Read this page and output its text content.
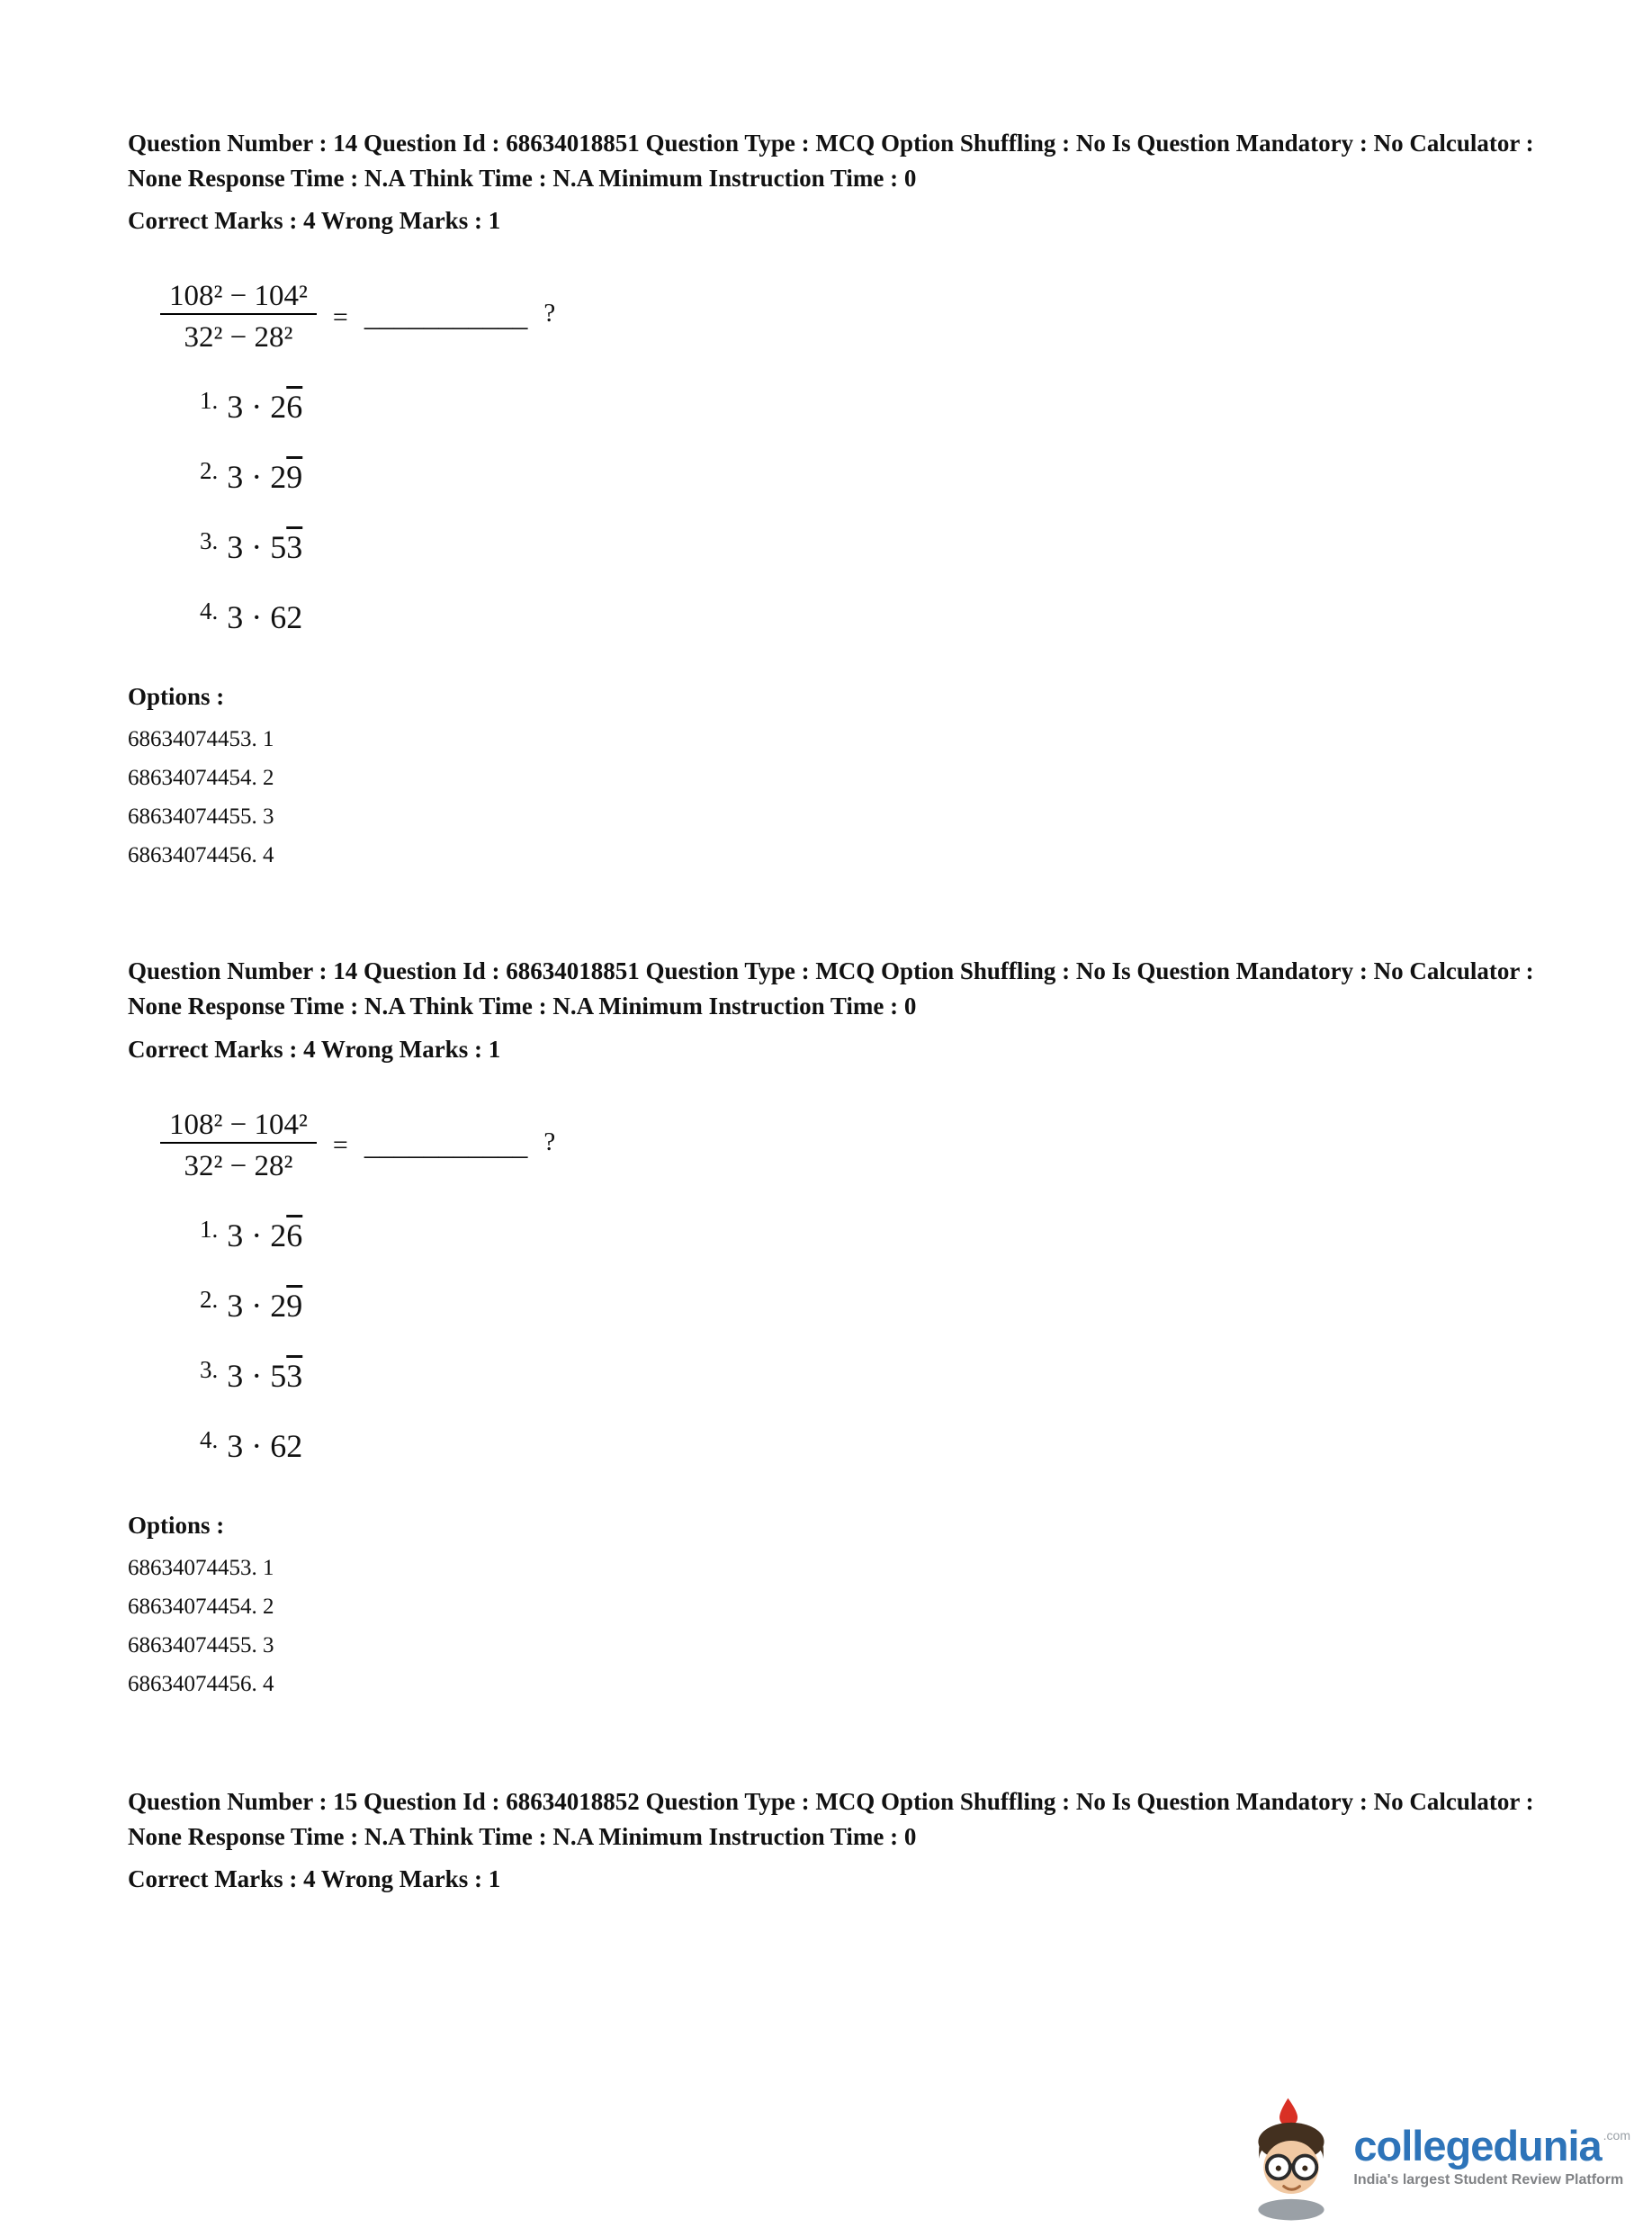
Question Number : 14 Question Id : 68634018851 Question Type : MCQ Option Shuffling : No Is Question Mandatory : No Calculator : None Response Time : N.A Think Time : N.A Minimum Instruction Time : 0
Correct Marks : 4 Wrong Marks : 1
$\frac{\text{108² − 104²}}{\text{32² − 28²}}$ = ___________ ?
$^{1.}$ 3 · 26
$^{2.}$ 3 · 29
$^{3.}$ 3 · 53
$^{4.}$ 3 · 62
Options :
68634074453. 1
68634074454. 2
68634074455. 3
68634074456. 4
Question Number : 14 Question Id : 68634018851 Question Type : MCQ Option Shuffling : No Is Question Mandatory : No Calculator : None Response Time : N.A Think Time : N.A Minimum Instruction Time : 0
Correct Marks : 4 Wrong Marks : 1
$\frac{\text{108² − 104²}}{\text{32² − 28²}}$ = ___________ ?
$^{1.}$ 3 · 26
$^{2.}$ 3 · 29
$^{3.}$ 3 · 53
$^{4.}$ 3 · 62
Options :
68634074453. 1
68634074454. 2
68634074455. 3
68634074456. 4
Question Number : 15 Question Id : 68634018852 Question Type : MCQ Option Shuffling : No Is Question Mandatory : No Calculator : None Response Time : N.A Think Time : N.A Minimum Instruction Time : 0
Correct Marks : 4 Wrong Marks : 1
collegedunia .com
India's largest Student Review Platform
